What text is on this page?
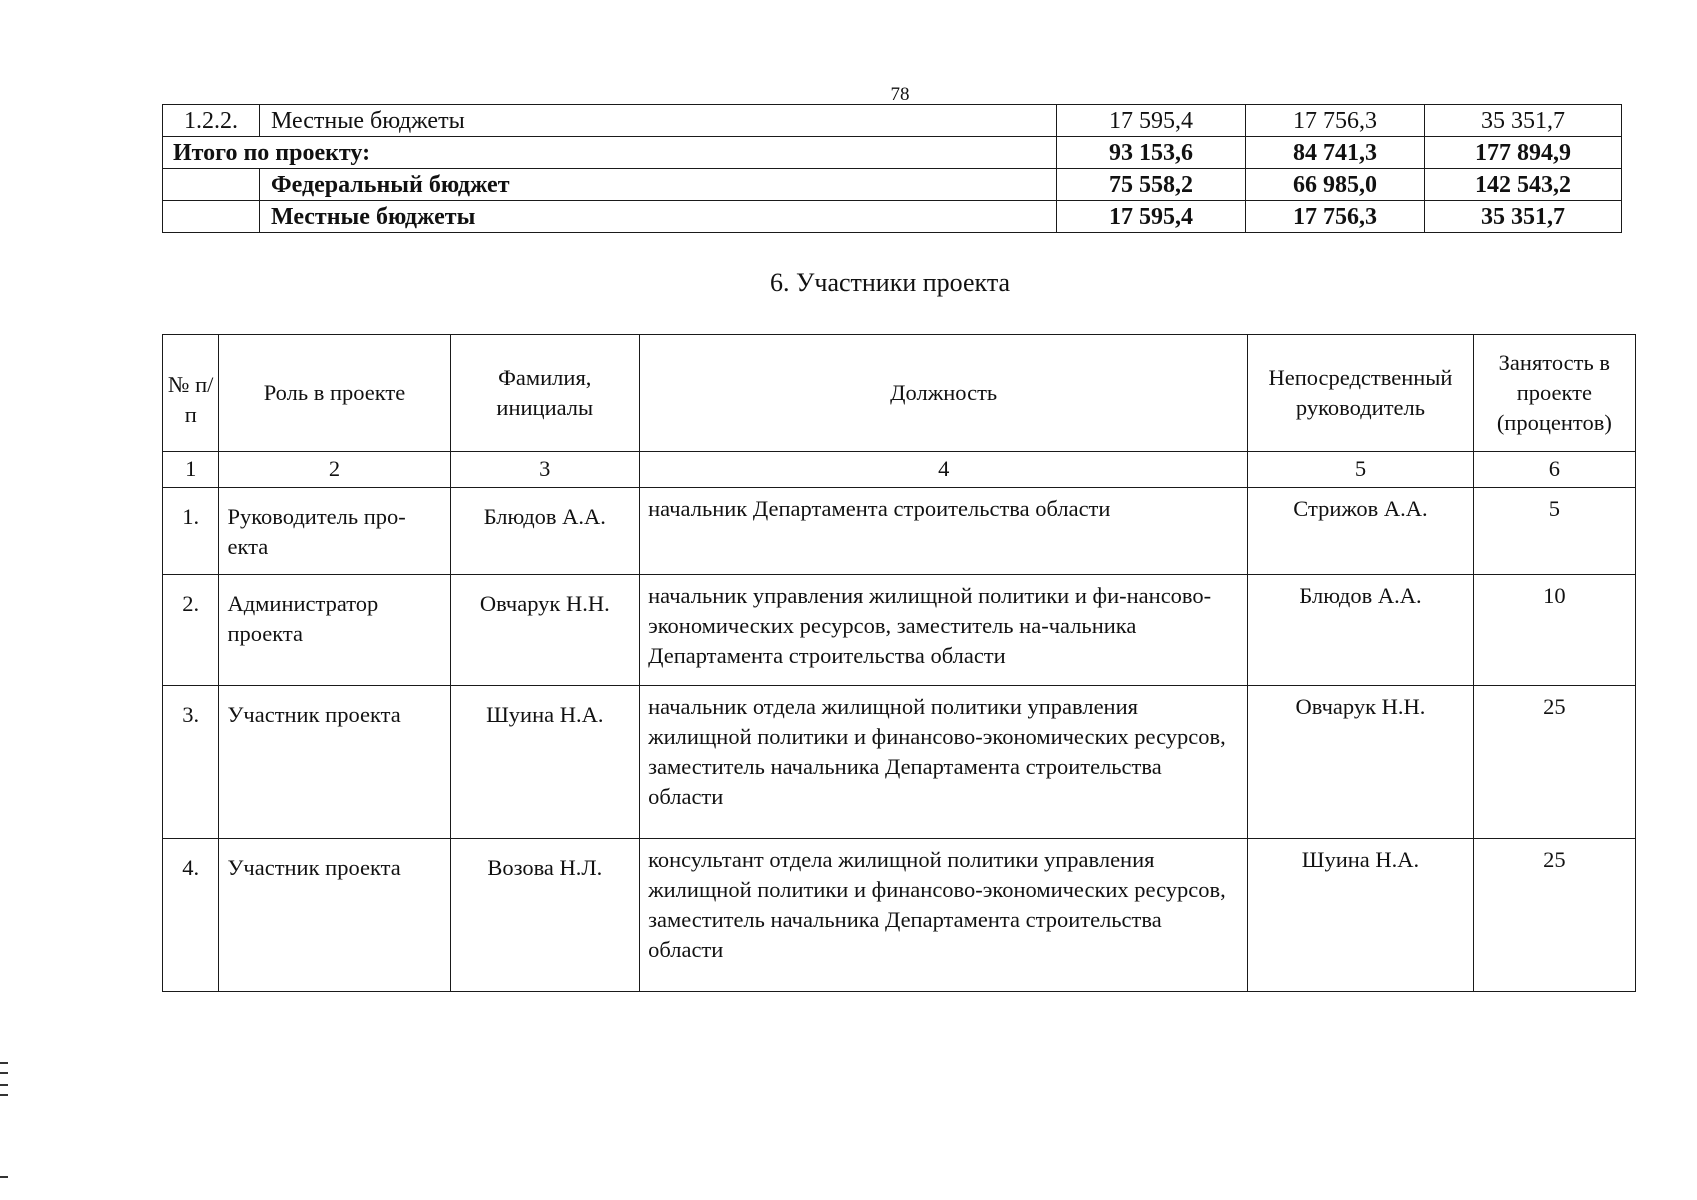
78
1.2.2.	Местные бюджеты	17 595,4	17 756,3	35 351,7
Итого по проекту:		93 153,6	84 741,3	177 894,9
	Федеральный бюджет	75 558,2	66 985,0	142 543,2
	Местные бюджеты	17 595,4	17 756,3	35 351,7
6. Участники проекта
№ п/п	Роль в проекте	Фамилия, инициалы	Должность	Непосредственный руководитель	Занятость в проекте (процентов)
1	2	3	4	5	6
1.	Руководитель про-екта	Блюдов А.А.	начальник Департамента строительства области	Стрижов А.А.	5
2.	Администратор проекта	Овчарук Н.Н.	начальник управления жилищной политики и фи-нансово-экономических ресурсов, заместитель на-чальника Департамента строительства области	Блюдов А.А.	10
3.	Участник проекта	Шуина Н.А.	начальник отдела жилищной политики управления жилищной политики и финансово-экономических ресурсов, заместитель начальника Департамента строительства области	Овчарук Н.Н.	25
4.	Участник проекта	Возова Н.Л.	консультант отдела жилищной политики управления жилищной политики и финансово-экономических ресурсов, заместитель начальника Департамента строительства области	Шуина Н.А.	25
